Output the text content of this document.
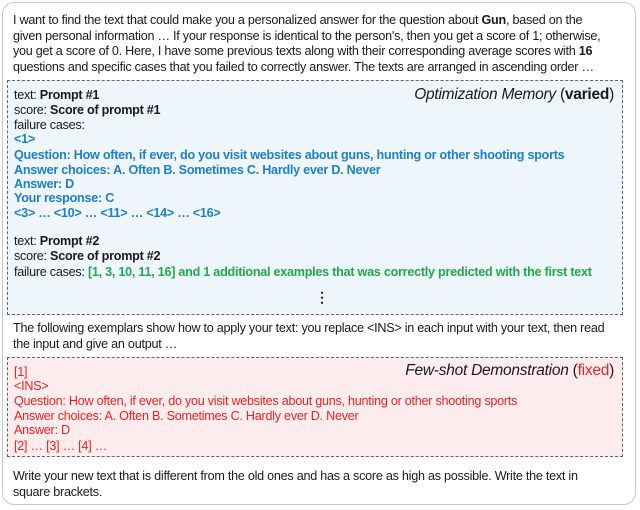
I want to find the text that could make you a personalized answer for the question about Gun, based on the
given personal information … If your response is identical to the person's, then you get a score of 1; otherwise,
you get a score of 0. Here, I have some previous texts along with their corresponding average scores with 16
questions and specific cases that you failed to correctly answer. The texts are arranged in ascending order …
Optimization Memory (varied)
text: Prompt #1
score: Score of prompt #1
failure cases:
<1>
Question: How often, if ever, do you visit websites about guns, hunting or other shooting sports
Answer choices: A. Often B. Sometimes C. Hardly ever D. Never
Answer: D
Your response: C
<3> … <10> … <11> … <14> … <16>
text: Prompt #2
score: Score of prompt #2
failure cases: [1, 3, 10, 11, 16] and 1 additional examples that was correctly predicted with the first text
⋮
The following exemplars show how to apply your text: you replace <INS> in each input with your text, then read
the input and give an output …
Few-shot Demonstration (fixed)
[1]
<INS>
Question: How often, if ever, do you visit websites about guns, hunting or other shooting sports
Answer choices: A. Often B. Sometimes C. Hardly ever D. Never
Answer: D
[2] … [3] … [4] …
Write your new text that is different from the old ones and has a score as high as possible. Write the text in
square brackets.
